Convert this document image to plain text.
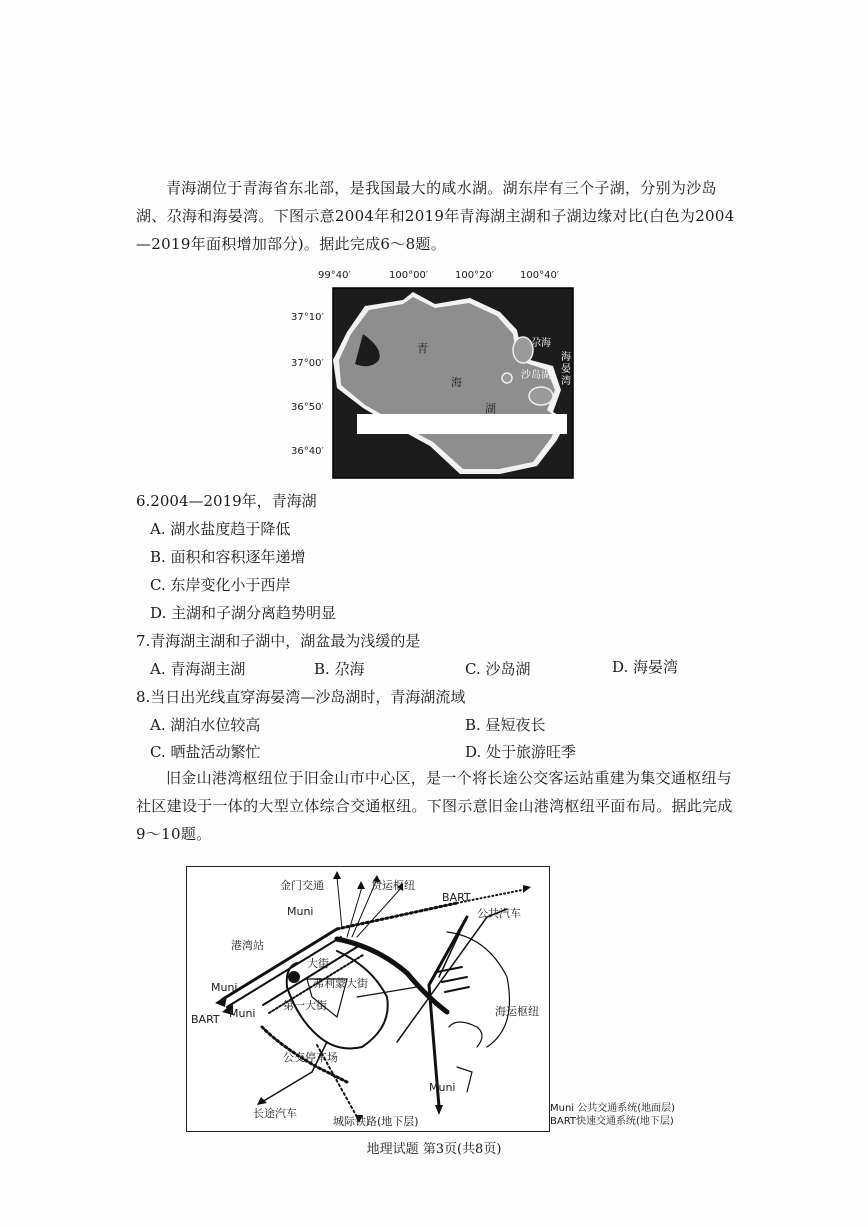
青海湖位于青海省东北部，是我国最大的咸水湖。湖东岸有三个子湖，分别为沙岛湖、尕海和海晏湾。下图示意2004年和2019年青海湖主湖和子湖边缘对比(白色为2004—2019年面积增加部分)。据此完成6～8题。
99°40′	100°00′	100°20′	100°40′
37°10′
37°00′
36°50′
36°40′
青
海
湖
尕海
沙岛湖
海晏湾
6.2004—2019年，青海湖
A. 湖水盐度趋于降低
B. 面积和容积逐年递增
C. 东岸变化小于西岸
D. 主湖和子湖分离趋势明显
7.青海湖主湖和子湖中，湖盆最为浅缓的是
A. 青海湖主湖	B. 尕海	C. 沙岛湖	D. 海晏湾
8.当日出光线直穿海晏湾—沙岛湖时，青海湖流域
A. 湖泊水位较高	B. 昼短夜长
C. 晒盐活动繁忙	D. 处于旅游旺季
旧金山港湾枢纽位于旧金山市中心区，是一个将长途公交客运站重建为集交通枢纽与社区建设于一体的大型立体综合交通枢纽。下图示意旧金山港湾枢纽平面布局。据此完成9～10题。
金门交通	货运枢纽
BART
公共汽车
Muni
港湾站
Muni
BART Muni
大街
弗利蒙大街
第一大街	海运枢纽
公交停车场
长途汽车
城际铁路(地下层)
Muni
Muni 公共交通系统(地面层)
BART快速交通系统(地下层)
地理试题 第3页(共8页)
